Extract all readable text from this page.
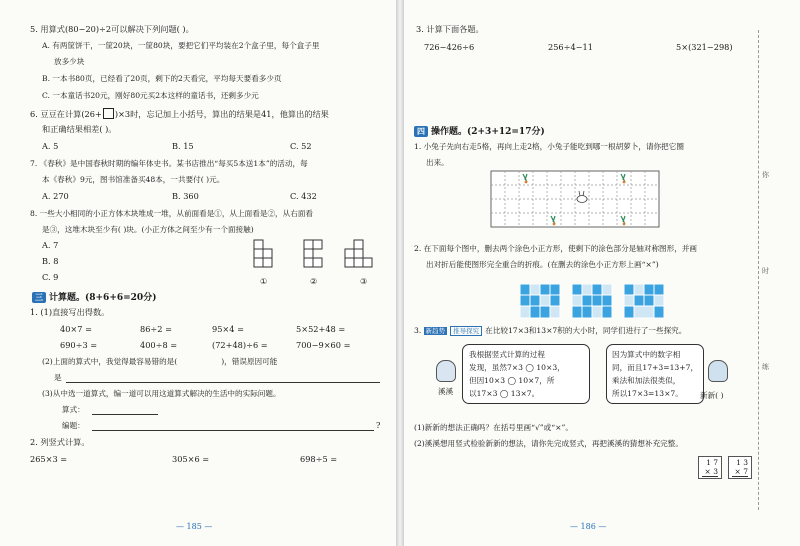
5. 用算式(80−20)÷2可以解决下列问题( )。
A. 有两筐饼干，一筐20块，一筐80块，要把它们平均装在2个盒子里，每个盒子里
放多少块
B. 一本书80页，已经看了20页，剩下的2天看完，平均每天要看多少页
C. 一本童话书20元，刚好80元买2本这样的童话书，还剩多少元
6. 豆豆在计算(26+ )×3时，忘记加上小括号，算出的结果是41，他算出的结果
和正确结果相差( )。
A. 5	B. 15	C. 52
7. 《春秋》是中国春秋时期的编年体史书。某书店推出“每买5本送1本”的活动，每
本《春秋》9元，图书馆准备买48本，一共要付( )元。
A. 270	B. 360	C. 432
8. 一些大小相同的小正方体木块堆成一堆，从前面看是①，从上面看是②，从右面看
是③，这堆木块至少有( )块。(小正方体之间至少有一个面接触)
A. 7
B. 8
C. 9	①	②	③
三 计算题。(8+6+6=20分)
1. (1)直接写出得数。
40×7 =	86÷2 =	95×4 =	5×52+48 =
690÷3 =	400÷8 =	(72+48)÷6 =	700−9×60 =
(2)上面的算式中，我觉得最容易错的是(	)，错误原因可能
是
(3)从中选一道算式，编一道可以用这道算式解决的生活中的实际问题。
算式：
编题：	?
2. 列竖式计算。
265×3 =	305×6 =	698÷5 =
— 185 —
3. 计算下面各题。
726−426÷6	256÷4−11	5×(321−298)
四 操作题。(2+3+12=17分)
1. 小兔子先向右走5格，再向上走2格，小兔子能吃到哪一根胡萝卜，请你把它圈
出来。
2. 在下面每个图中，删去两个涂色小正方形，使剩下的涂色部分是轴对称图形，并画
出对折后能使图形完全重合的折痕。(在删去的涂色小正方形上画“×”)
3. 新趋势 推导探究 在比较17×3和13×7积的大小时，同学们进行了一些探究。
溪溪
我根据竖式计算的过程
发现，虽然7×3 ◯ 10×3，
但因10×3 ◯ 10×7，所
以17×3 ◯ 13×7。
因为算式中的数字相
同，而且17+3=13+7，
乘法和加法很类似，
所以17×3=13×7。 新新( )
(1)新新的想法正确吗？在括号里画“√”或“×”。
(2)溪溪想用竖式检验新新的想法，请你先完成竖式，再把溪溪的猜想补充完整。
1 7
× 3
1 3
× 7
你
时
练
— 186 —
